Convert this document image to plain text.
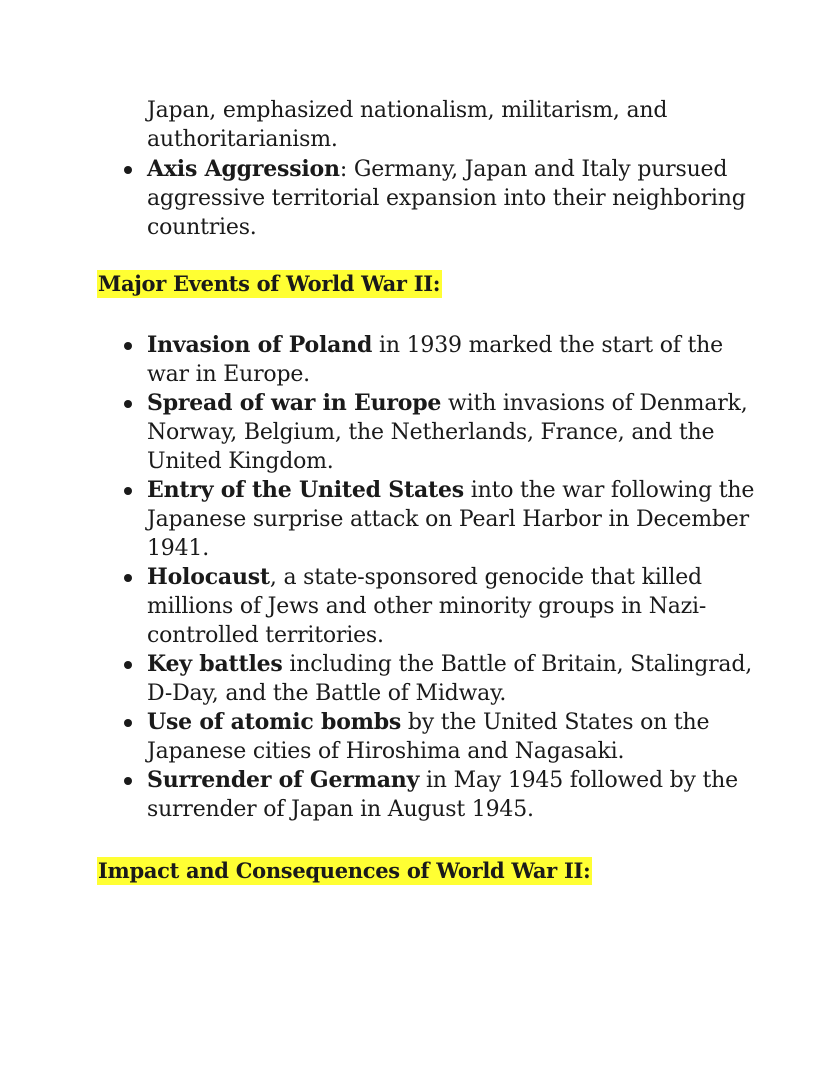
Japan, emphasized nationalism, militarism, and authoritarianism.
Axis Aggression: Germany, Japan and Italy pursued aggressive territorial expansion into their neighboring countries.
Major Events of World War II:
Invasion of Poland in 1939 marked the start of the war in Europe.
Spread of war in Europe with invasions of Denmark, Norway, Belgium, the Netherlands, France, and the United Kingdom.
Entry of the United States into the war following the Japanese surprise attack on Pearl Harbor in December 1941.
Holocaust, a state-sponsored genocide that killed millions of Jews and other minority groups in Nazi-controlled territories.
Key battles including the Battle of Britain, Stalingrad, D-Day, and the Battle of Midway.
Use of atomic bombs by the United States on the Japanese cities of Hiroshima and Nagasaki.
Surrender of Germany in May 1945 followed by the surrender of Japan in August 1945.
Impact and Consequences of World War II:
